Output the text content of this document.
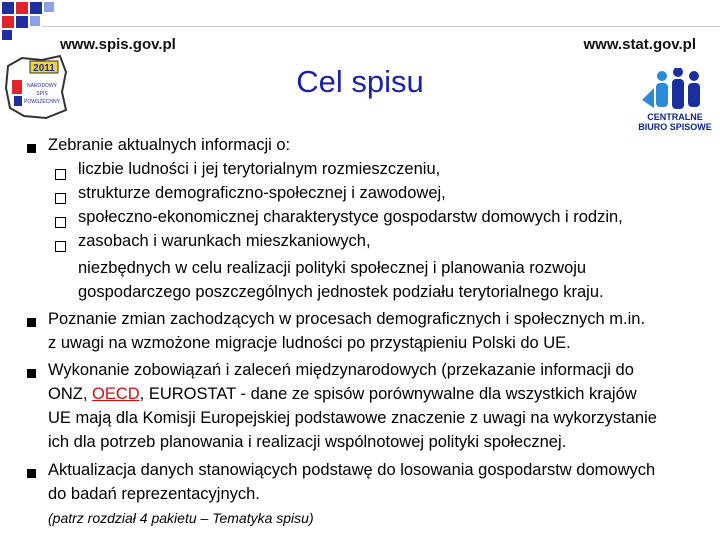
www.spis.gov.pl	www.stat.gov.pl
Cel spisu
2011
NARODOWY
SPIS
POWSZECHNY
CENTRALNE
BIURO SPISOWE
Zebranie aktualnych informacji o:
liczbie ludności i jej terytorialnym rozmieszczeniu,
strukturze demograficzno-społecznej i zawodowej,
społeczno-ekonomicznej charakterystyce gospodarstw domowych i rodzin,
zasobach i warunkach mieszkaniowych,
niezbędnych w celu realizacji polityki społecznej i planowania rozwoju
gospodarczego poszczególnych jednostek podziału terytorialnego kraju.
Poznanie zmian zachodzących w procesach demograficznych i społecznych m.in.
z uwagi na wzmożone migracje ludności po przystąpieniu Polski do UE.
Wykonanie zobowiązań i zaleceń międzynarodowych (przekazanie informacji do
ONZ, OECD, EUROSTAT - dane ze spisów porównywalne dla wszystkich krajów
UE mają dla Komisji Europejskiej podstawowe znaczenie z uwagi na wykorzystanie
ich dla potrzeb planowania i realizacji wspólnotowej polityki społecznej.
Aktualizacja danych stanowiących podstawę do losowania gospodarstw domowych
do badań reprezentacyjnych.
(patrz rozdział 4 pakietu – Tematyka spisu)
